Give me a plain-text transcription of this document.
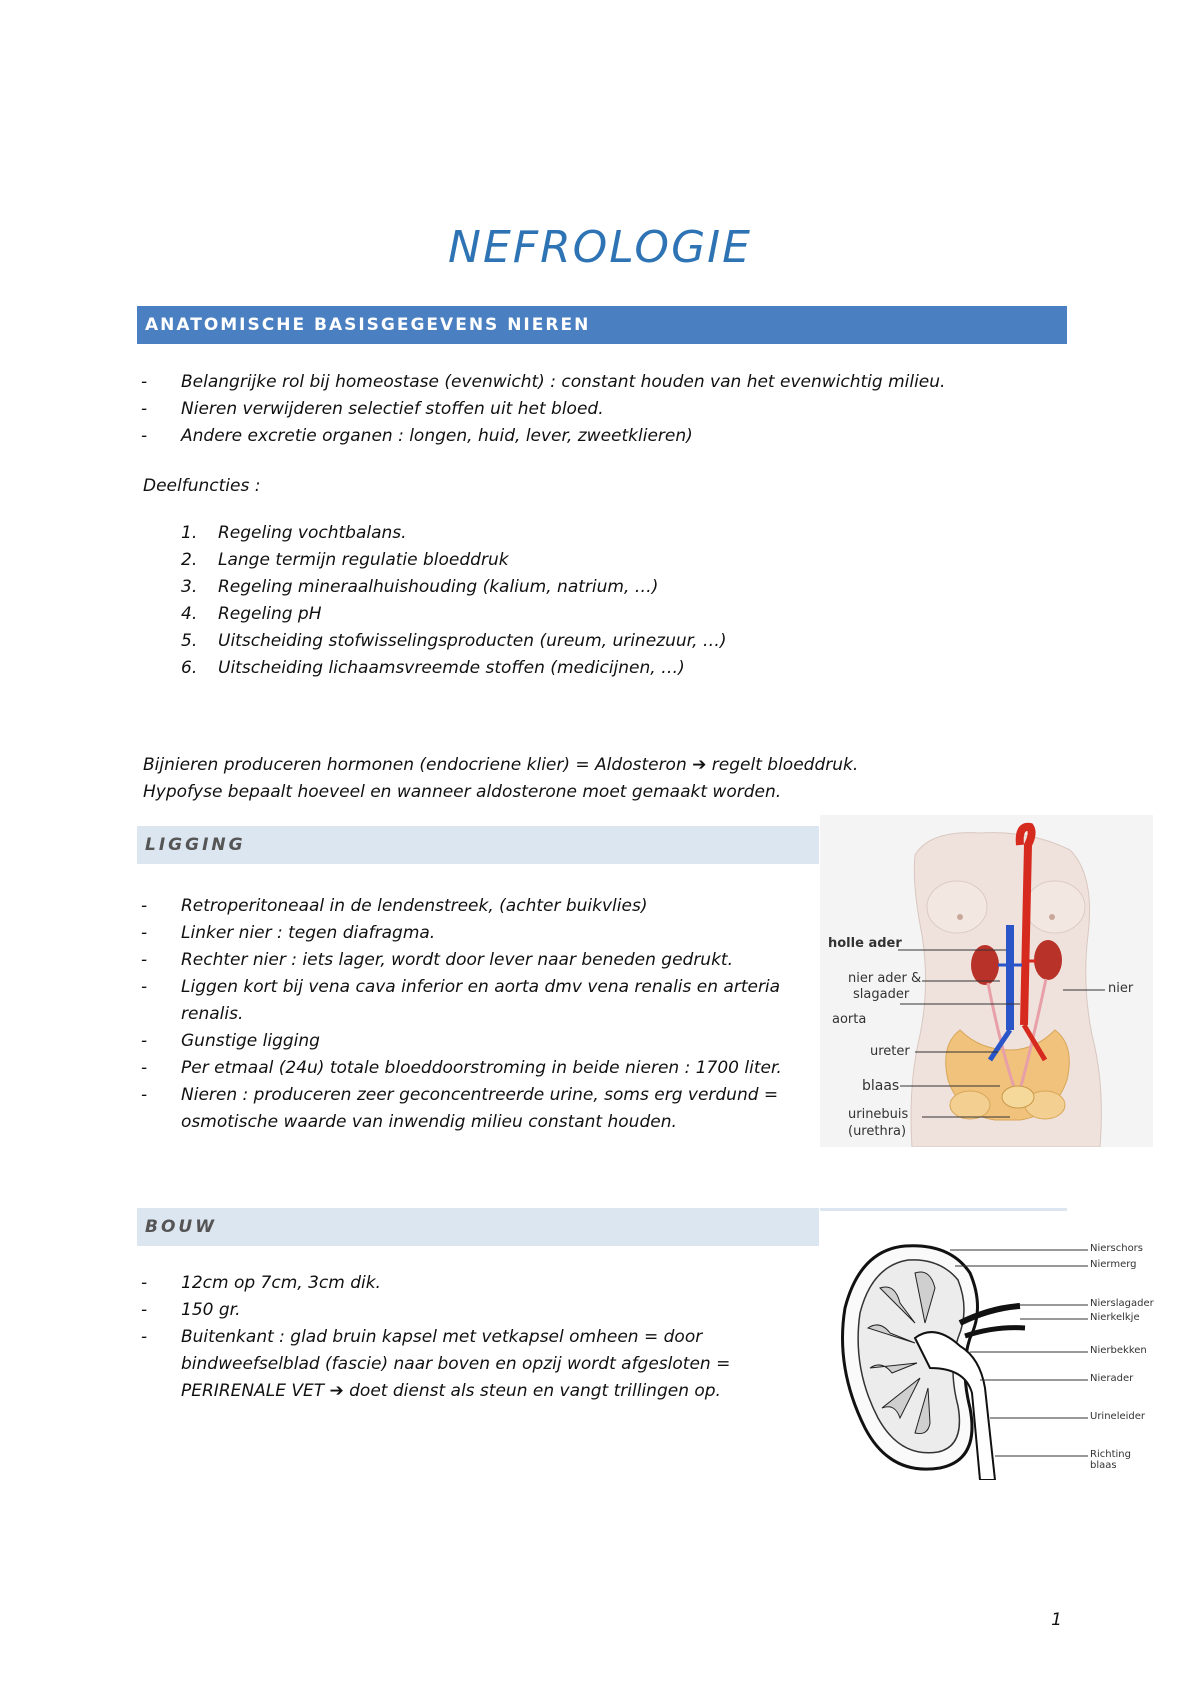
NEFROLOGIE
ANATOMISCHE BASISGEGEVENS NIEREN
- Belangrijke rol bij homeostase (evenwicht) : constant houden van het evenwichtig milieu.
- Nieren verwijderen selectief stoffen uit het bloed.
- Andere excretie organen : longen, huid, lever, zweetklieren)
Deelfuncties :
1. Regeling vochtbalans.
2. Lange termijn regulatie bloeddruk
3. Regeling mineraalhuishouding (kalium, natrium, …)
4. Regeling pH
5. Uitscheiding stofwisselingsproducten (ureum, urinezuur, …)
6. Uitscheiding lichaamsvreemde stoffen (medicijnen, …)
Bijnieren produceren hormonen (endocriene klier) = Aldosteron ➔ regelt bloeddruk.
Hypofyse bepaalt hoeveel en wanneer aldosterone moet gemaakt worden.
LIGGING
- Retroperitoneaal in de lendenstreek, (achter buikvlies)
- Linker nier : tegen diafragma.
- Rechter nier : iets lager, wordt door lever naar beneden gedrukt.
- Liggen kort bij vena cava inferior en aorta dmv vena renalis en arteria renalis.
- Gunstige ligging
- Per etmaal (24u) totale bloeddoorstroming in beide nieren : 1700 liter.
- Nieren : produceren zeer geconcentreerde urine, soms erg verdund = osmotische waarde van inwendig milieu constant houden.
holle ader
nier ader &
slagader
aorta
ureter
blaas
urinebuis
(urethra)
nier
BOUW
- 12cm op 7cm, 3cm dik.
- 150 gr.
- Buitenkant : glad bruin kapsel met vetkapsel omheen = door bindweefselblad (fascie) naar boven en opzij wordt afgesloten = PERIRENALE VET ➔ doet dienst als steun en vangt trillingen op.
Nierschors
Niermerg
Nierslagader
Nierkelkje
Nierbekken
Nierader
Urineleider
Richting blaas
1
